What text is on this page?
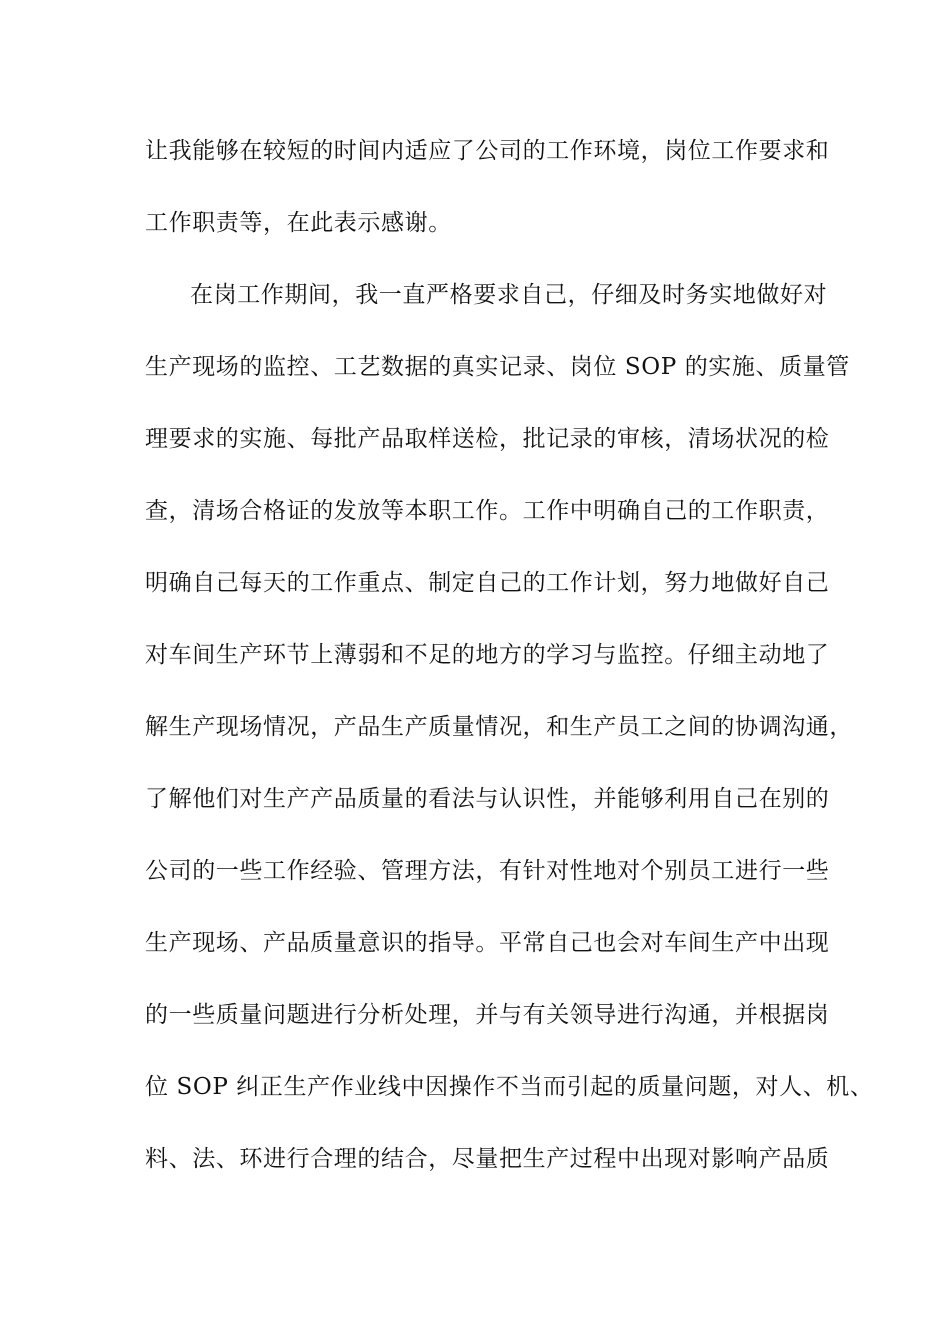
让我能够在较短的时间内适应了公司的工作环境，岗位工作要求和
工作职责等，在此表示感谢。
在岗工作期间，我一直严格要求自己，仔细及时务实地做好对
生产现场的监控、工艺数据的真实记录、岗位 SOP 的实施、质量管
理要求的实施、每批产品取样送检，批记录的审核，清场状况的检
查，清场合格证的发放等本职工作。工作中明确自己的工作职责，
明确自己每天的工作重点、制定自己的工作计划，努力地做好自己
对车间生产环节上薄弱和不足的地方的学习与监控。仔细主动地了
解生产现场情况，产品生产质量情况，和生产员工之间的协调沟通，
了解他们对生产产品质量的看法与认识性，并能够利用自己在别的
公司的一些工作经验、管理方法，有针对性地对个别员工进行一些
生产现场、产品质量意识的指导。平常自己也会对车间生产中出现
的一些质量问题进行分析处理，并与有关领导进行沟通，并根据岗
位 SOP 纠正生产作业线中因操作不当而引起的质量问题，对人、机、
料、法、环进行合理的结合，尽量把生产过程中出现对影响产品质
